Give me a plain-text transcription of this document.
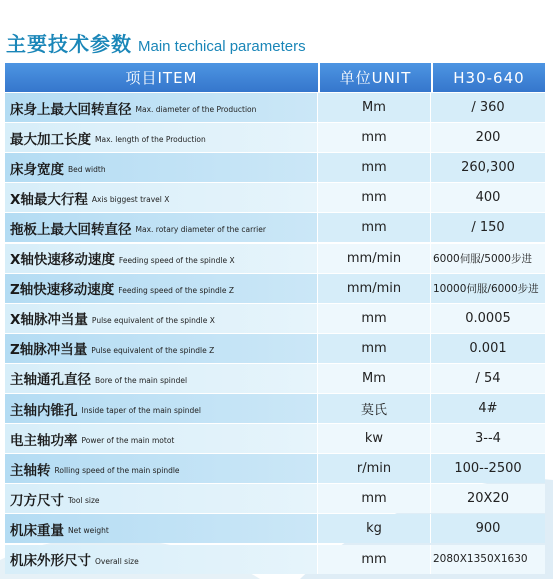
主要技术参数 Main techical parameters
项目ITEM	单位UNIT	H30-640
床身上最大回转直径 Max. diameter of the Production	Mm	/ 360
最大加工长度 Max. length of the Production	mm	200
床身宽度 Bed width	mm	260,300
X轴最大行程 Axis biggest travel X	mm	400
拖板上最大回转直径 Max. rotary diameter of the carrier	mm	/ 150
X轴快速移动速度 Feeding speed of the spindle X	mm/min	6000伺服/5000步进
Z轴快速移动速度 Feeding speed of the spindle Z	mm/min	10000伺服/6000步进
X轴脉冲当量 Pulse equivalent of the spindle X	mm	0.0005
Z轴脉冲当量 Pulse equivalent of the spindle Z	mm	0.001
主轴通孔直径 Bore of the main spindel	Mm	/ 54
主轴内锥孔 Inside taper of the main spindel	莫氏	4#
电主轴功率 Power of the main motot	kw	3--4
主轴转 Rolling speed of the main spindle	r/min	100--2500
刀方尺寸 Tool size	mm	20X20
机床重量 Net weight	kg	900
机床外形尺寸 Overall size	mm	2080X1350X1630
